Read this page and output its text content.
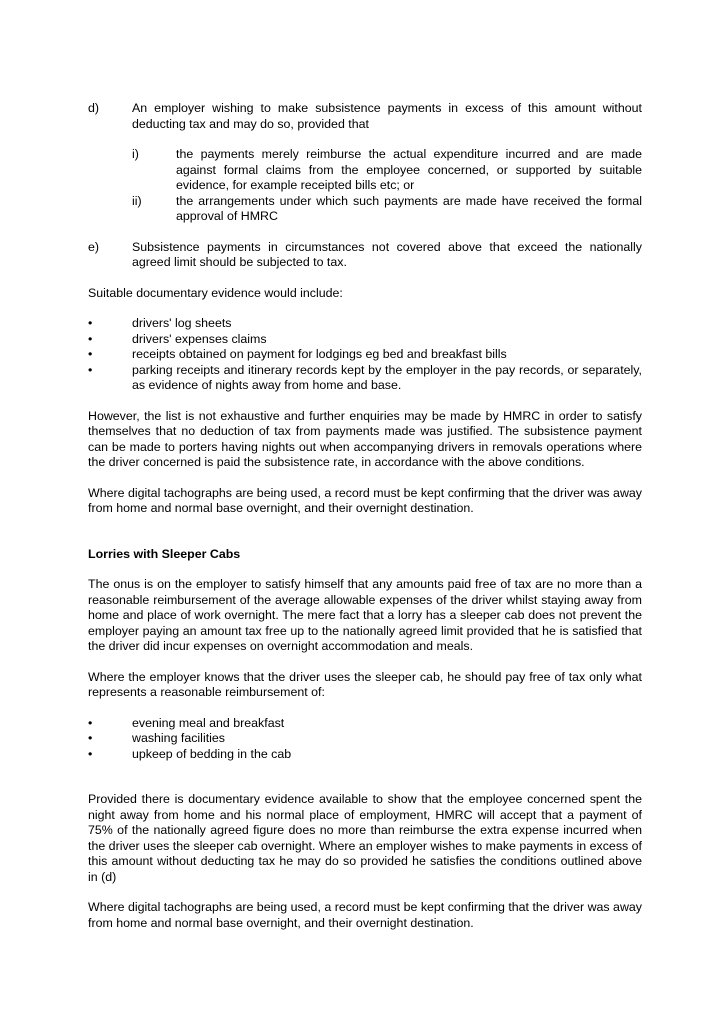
d)	An employer wishing to make subsistence payments in excess of this amount without deducting tax and may do so, provided that
i)	the payments merely reimburse the actual expenditure incurred and are made against formal claims from the employee concerned, or supported by suitable evidence, for example receipted bills etc; or
ii)	the arrangements under which such payments are made have received the formal approval of HMRC
e)	Subsistence payments in circumstances not covered above that exceed the nationally agreed limit should be subjected to tax.

Suitable documentary evidence would include:

•	drivers' log sheets
•	drivers' expenses claims
•	receipts obtained on payment for lodgings eg bed and breakfast bills
•	parking receipts and itinerary records kept by the employer in the pay records, or separately, as evidence of nights away from home and base.

However, the list is not exhaustive and further enquiries may be made by HMRC in order to satisfy themselves that no deduction of tax from payments made was justified. The subsistence payment can be made to porters having nights out when accompanying drivers in removals operations where the driver concerned is paid the subsistence rate, in accordance with the above conditions.

Where digital tachographs are being used, a record must be kept confirming that the driver was away from home and normal base overnight, and their overnight destination.

Lorries with Sleeper Cabs

The onus is on the employer to satisfy himself that any amounts paid free of tax are no more than a reasonable reimbursement of the average allowable expenses of the driver whilst staying away from home and place of work overnight. The mere fact that a lorry has a sleeper cab does not prevent the employer paying an amount tax free up to the nationally agreed limit provided that he is satisfied that the driver did incur expenses on overnight accommodation and meals.

Where the employer knows that the driver uses the sleeper cab, he should pay free of tax only what represents a reasonable reimbursement of:

•	evening meal and breakfast
•	washing facilities
•	upkeep of bedding in the cab

Provided there is documentary evidence available to show that the employee concerned spent the night away from home and his normal place of employment, HMRC will accept that a payment of 75% of the nationally agreed figure does no more than reimburse the extra expense incurred when the driver uses the sleeper cab overnight. Where an employer wishes to make payments in excess of this amount without deducting tax he may do so provided he satisfies the conditions outlined above in (d)

Where digital tachographs are being used, a record must be kept confirming that the driver was away from home and normal base overnight, and their overnight destination.
